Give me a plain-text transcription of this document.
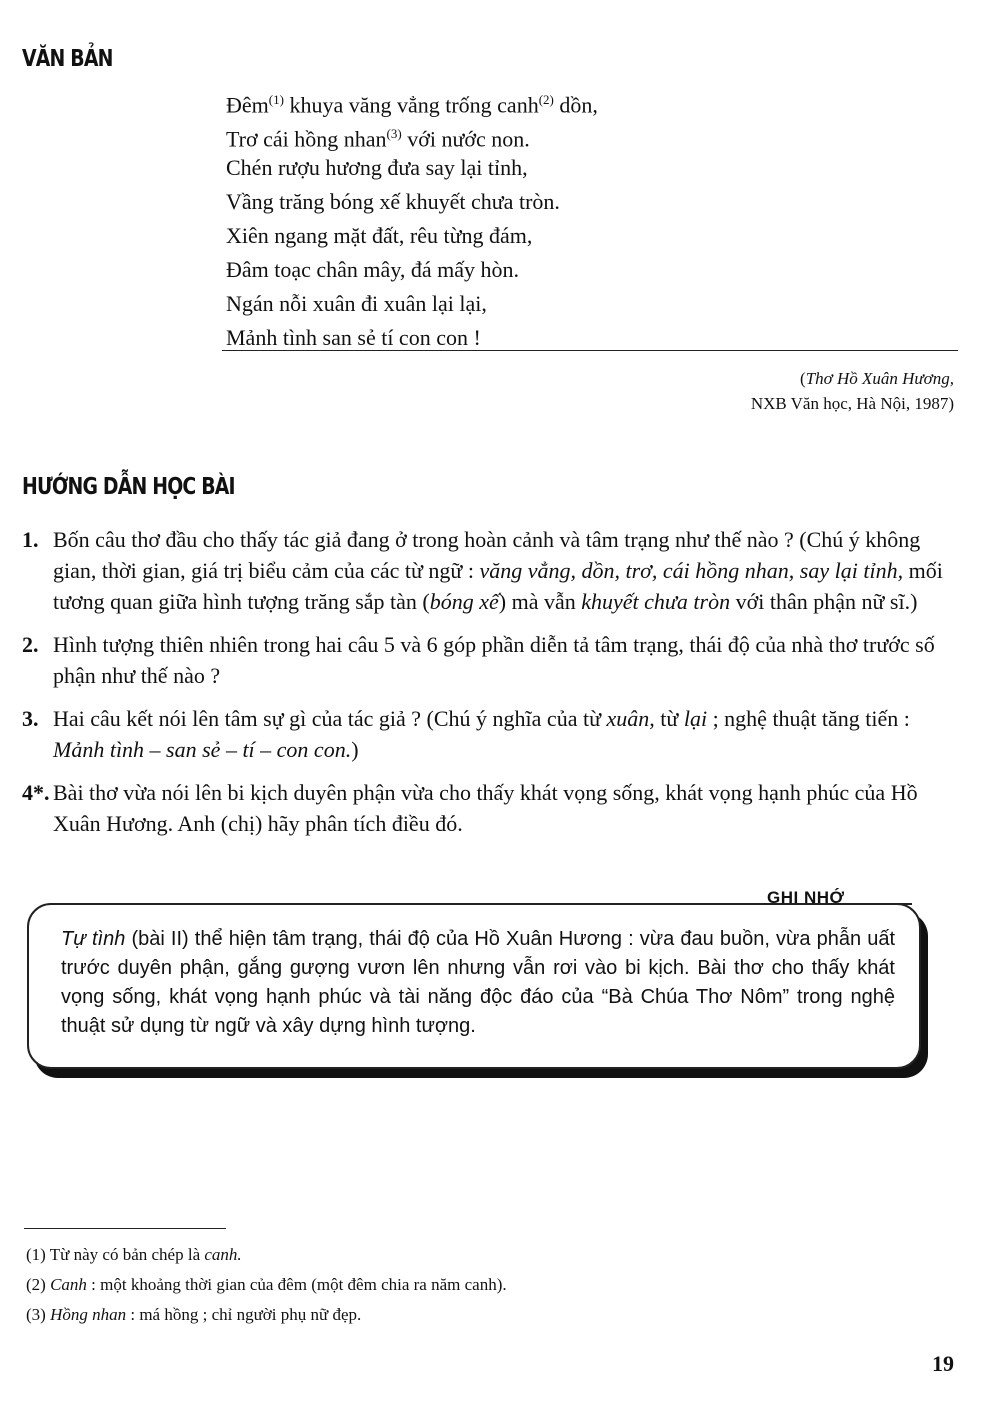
VĂN BẢN
Đêm$^{(1)}$ khuya văng vẳng trống canh$^{(2)}$ dồn,
Trơ cái hồng nhan$^{(3)}$ với nước non.
Chén rượu hương đưa say lại tỉnh,
Vầng trăng bóng xế khuyết chưa tròn.
Xiên ngang mặt đất, rêu từng đám,
Đâm toạc chân mây, đá mấy hòn.
Ngán nỗi xuân đi xuân lại lại,
Mảnh tình san sẻ tí con con !
(Thơ Hồ Xuân Hương,
NXB Văn học, Hà Nội, 1987)
HƯỚNG DẪN HỌC BÀI
1. Bốn câu thơ đầu cho thấy tác giả đang ở trong hoàn cảnh và tâm trạng như thế nào ? (Chú ý không gian, thời gian, giá trị biểu cảm của các từ ngữ : văng vẳng, dồn, trơ, cái hồng nhan, say lại tỉnh, mối tương quan giữa hình tượng trăng sắp tàn (bóng xế) mà vẫn khuyết chưa tròn với thân phận nữ sĩ.)
2. Hình tượng thiên nhiên trong hai câu 5 và 6 góp phần diễn tả tâm trạng, thái độ của nhà thơ trước số phận như thế nào ?
3. Hai câu kết nói lên tâm sự gì của tác giả ? (Chú ý nghĩa của từ xuân, từ lại ; nghệ thuật tăng tiến : Mảnh tình – san sẻ – tí – con con.)
4*. Bài thơ vừa nói lên bi kịch duyên phận vừa cho thấy khát vọng sống, khát vọng hạnh phúc của Hồ Xuân Hương. Anh (chị) hãy phân tích điều đó.
Tự tình (bài II) thể hiện tâm trạng, thái độ của Hồ Xuân Hương : vừa đau buồn, vừa phẫn uất trước duyên phận, gắng gượng vươn lên nhưng vẫn rơi vào bi kịch. Bài thơ cho thấy khát vọng sống, khát vọng hạnh phúc và tài năng độc đáo của “Bà Chúa Thơ Nôm” trong nghệ thuật sử dụng từ ngữ và xây dựng hình tượng.
GHI NHỚ
(1) Từ này có bản chép là canh.
(2) Canh : một khoảng thời gian của đêm (một đêm chia ra năm canh).
(3) Hồng nhan : má hồng ; chỉ người phụ nữ đẹp.
19
